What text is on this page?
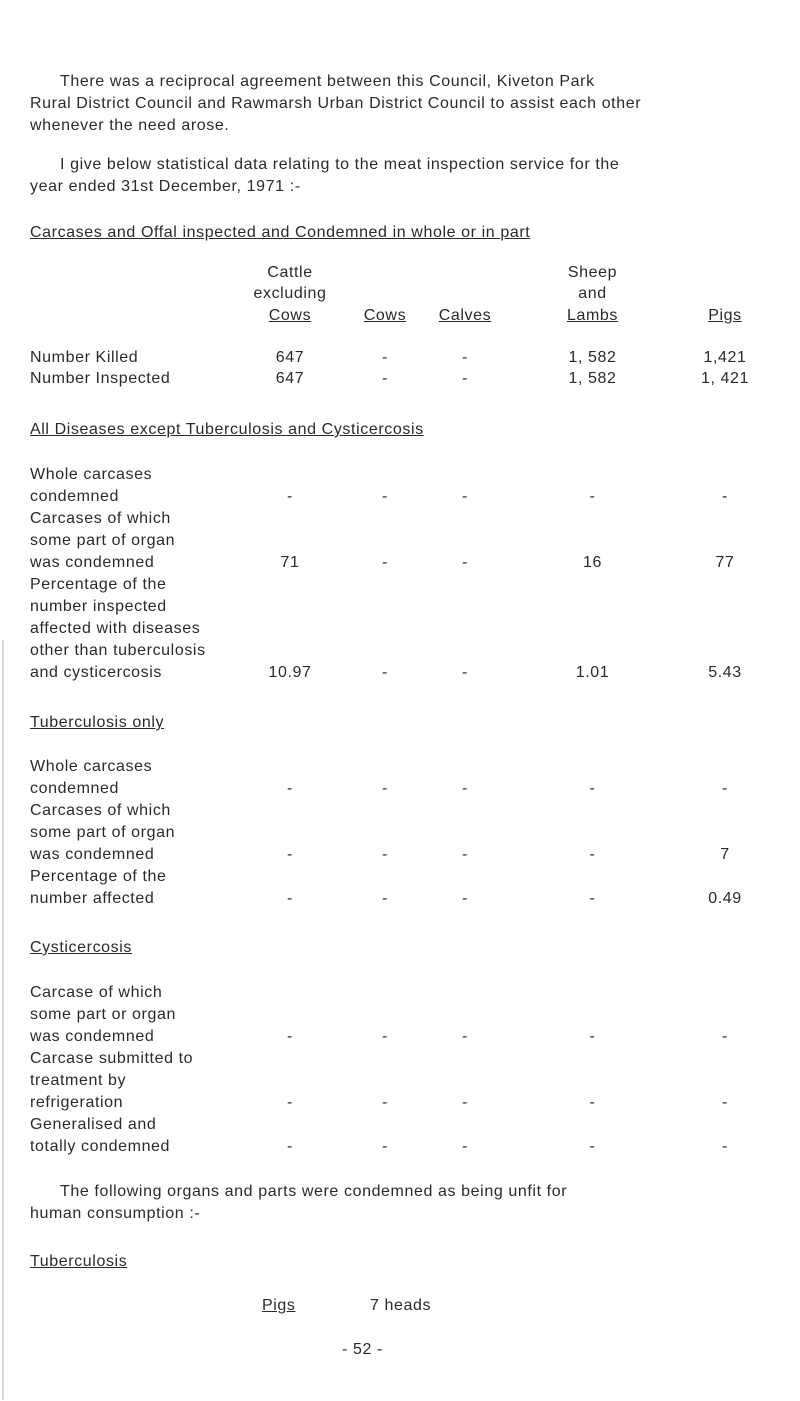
There was a reciprocal agreement between this Council, Kiveton Park
Rural District Council and Rawmarsh Urban District Council to assist each other
whenever the need arose.
I give below statistical data relating to the meat inspection service for the
year ended 31st December, 1971 :-
Carcases and Offal inspected and Condemned in whole or in part
Cattle
excluding
Cows	Cows	Calves
Sheep
and
Lambs	Pigs
Number Killed	647	-	-	1, 582	1,421
Number Inspected	647	-	-	1, 582	1, 421
All Diseases except Tuberculosis and Cysticercosis
Whole carcases
condemned	-	-	-	-	-
Carcases of which
some part of organ
was condemned	71	-	-	16	77
Percentage of the
number inspected
affected with diseases
other than tuberculosis
and cysticercosis	10.97	-	-	1.01	5.43
Tuberculosis only
Whole carcases
condemned	-	-	-	-	-
Carcases of which
some part of organ
was condemned	-	-	-	-	7
Percentage of the
number affected	-	-	-	-	0.49
Cysticercosis
Carcase of which
some part or organ
was condemned	-	-	-	-	-
Carcase submitted to
treatment by
refrigeration	-	-	-	-	-
Generalised and
totally condemned	-	-	-	-	-
The following organs and parts were condemned as being unfit for
human consumption :-
Tuberculosis
Pigs	7 heads
- 52 -
